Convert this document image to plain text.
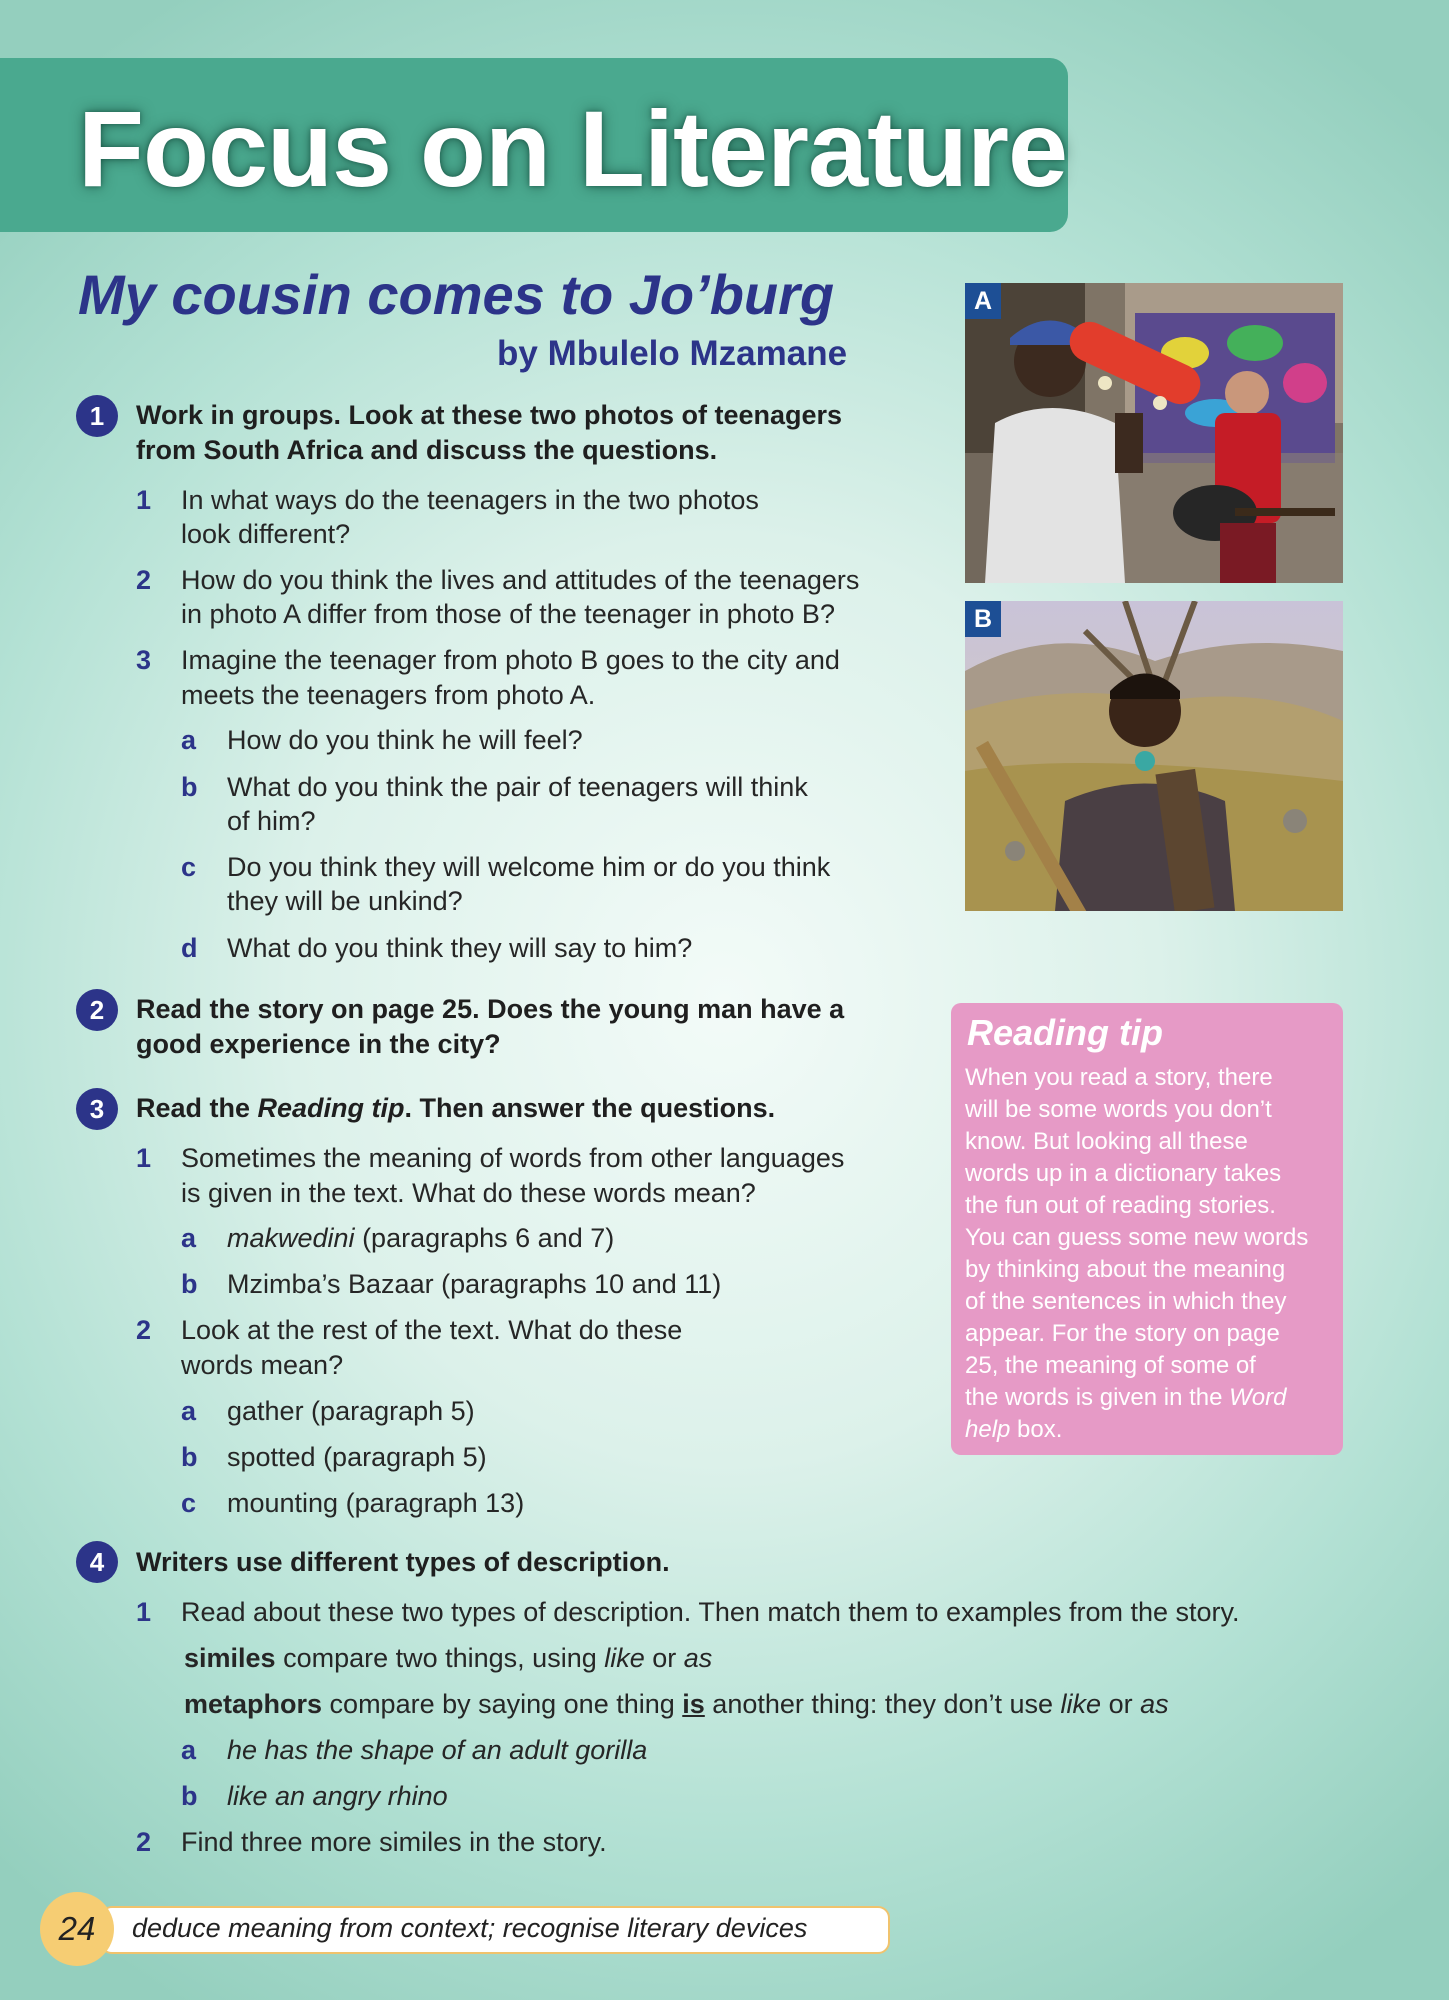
Focus on Literature
My cousin comes to Jo’burg
by Mbulelo Mzamane
A
B
1	Work in groups. Look at these two photos of teenagers
from South Africa and discuss the questions.
1 In what ways do the teenagers in the two photos
look different?
2 How do you think the lives and attitudes of the teenagers
in photo A differ from those of the teenager in photo B?
3 Imagine the teenager from photo B goes to the city and
meets the teenagers from photo A.
a How do you think he will feel?
b What do you think the pair of teenagers will think
of him?
c Do you think they will welcome him or do you think
they will be unkind?
d What do you think they will say to him?
2	Read the story on page 25. Does the young man have a
good experience in the city?
3	Read the Reading tip. Then answer the questions.
1 Sometimes the meaning of words from other languages
is given in the text. What do these words mean?
a makwedini (paragraphs 6 and 7)
b Mzimba’s Bazaar (paragraphs 10 and 11)
2 Look at the rest of the text. What do these
words mean?
a gather (paragraph 5)
b spotted (paragraph 5)
c mounting (paragraph 13)
Reading tip
When you read a story, there
will be some words you don’t
know. But looking all these
words up in a dictionary takes
the fun out of reading stories.
You can guess some new words
by thinking about the meaning
of the sentences in which they
appear. For the story on page
25, the meaning of some of
the words is given in the Word
help box.
4	Writers use different types of description.
1 Read about these two types of description. Then match them to examples from the story.
similes compare two things, using like or as
metaphors compare by saying one thing is another thing: they don’t use like or as
a he has the shape of an adult gorilla
b like an angry rhino
2 Find three more similes in the story.
deduce meaning from context; recognise literary devices
24
